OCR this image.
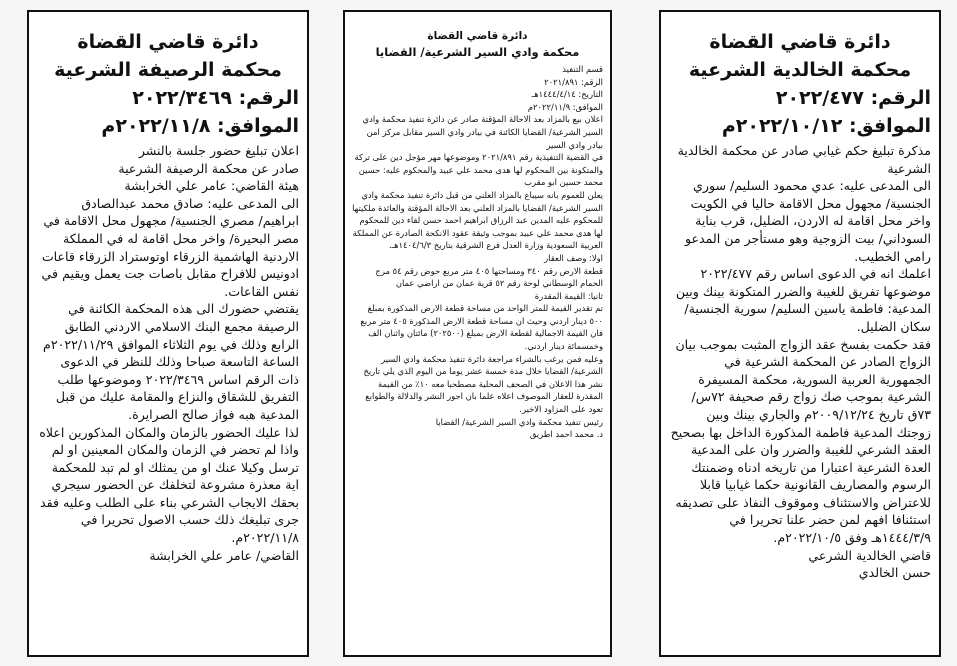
دائرة قاضي القضاة
محكمة الرصيفة الشرعية
الرقم: ٢٠٢٢/٣٤٦٩
الموافق: ٢٠٢٢/١١/٨م

اعلان تبليغ حضور جلسة بالنشر

صادر عن محكمة الرصيفة الشرعية

هيئة القاضي: عامر علي الخرابشة

الى المدعى عليه: صادق محمد عبدالصادق ابراهيم/ مصري الجنسية/ مجهول محل الاقامة في مصر البحيرة/ واخر محل اقامة له في المملكة الاردنية الهاشمية الزرقاء اوتوستراد الزرقاء قاعات ادونيس للافراح مقابل باصات جت يعمل ويقيم في نفس القاعات.

يقتضي حضورك الى هذه المحكمة الكائنة في الرصيفة مجمع البنك الاسلامي الاردني الطابق الرابع وذلك في يوم الثلاثاء الموافق ٢٠٢٢/١١/٢٩م الساعة التاسعة صباحا وذلك للنظر في الدعوى ذات الرقم اساس ٢٠٢٢/٣٤٦٩ وموضوعها طلب التفريق للشقاق والنزاع والمقامة عليك من قبل المدعية هبه فواز صالح الصرايرة.

لذا عليك الحضور بالزمان والمكان المذكورين اعلاه واذا لم تحضر في الزمان والمكان المعينين او لم ترسل وكيلا عنك او من يمثلك او لم تبد للمحكمة اية معذرة مشروعة لتخلفك عن الحضور سيجري بحقك الايجاب الشرعي بناء على الطلب وعليه فقد جرى تبليغك ذلك حسب الاصول تحريرا في ٢٠٢٢/١١/٨م.

القاضي/ عامر علي الخرابشة
دائرة قاضي القضاة
محكمة وادي السير الشرعية/ القضايا
قسم التنفيذ
الرقم: ٢٠٢١/٨٩١
التاريخ: ١٤٤٤/٤/١٤هـ
الموافق: ٢٠٢٢/١١/٩م

اعلان بيع بالمزاد بعد الاحالة المؤقتة صادر عن دائرة تنفيذ محكمة وادي السير الشرعية/ القضايا الكائنة في بيادر وادي السير مقابل مركز امن بيادر وادي السير

في القضية التنفيذية رقم ٢٠٢١/٨٩١ وموضوعها مهر مؤجل دين على تركة والمتكونة بين المحكوم لها هدى محمد علي عبيد والمحكوم عليه: حسين محمد حسين ابو مقرب

يعلن للعموم بانه سيباع بالمزاد العلني من قبل دائرة تنفيذ محكمة وادي السير الشرعية/ القضايا بالمزاد العلني بعد الاحالة المؤقتة والعائدة ملكيتها للمحكوم عليه المدين عبد الرزاق ابراهيم احمد حسن لقاء دين للمحكوم لها هدى محمد علي عبيد بموجب وثيقة عقود الانكحة الصادرة عن المملكة العربية السعودية وزارة العدل فرع الشرقية بتاريخ ١٤٠٤/٦/٣هـ.

اولا: وصف العقار

قطعة الارض رقم ٣٤٠ ومساحتها ٤٠٥ متر مربع حوض رقم ٥٤ مرج الحمام الوسطاني لوحة رقم ٥٢ قرية عمان من اراضي عمان

ثانيا: القيمة المقدرة

تم تقدير القيمة للمتر الواحد من مساحة قطعة الارض المذكورة بمبلغ ٥٠٠ دينار اردني وحيث ان مساحة قطعة الارض المذكورة ٤٠٥ متر مربع فان القيمة الاجمالية لقطعة الارض بمبلغ (٢٠٢٥٠٠) مائتان واثنان الف وخمسمائة دينار اردني.

وعليه فمن يرغب بالشراء مراجعة دائرة تنفيذ محكمة وادي السير الشرعية/ القضايا خلال مدة خمسة عشر يوما من اليوم الذي يلي تاريخ نشر هذا الاعلان في الصحف المحلية مصطحبا معه ١٠٪ من القيمة المقدرة للعقار الموصوف اعلاه علما بان اجور النشر والدلالة والطوابع تعود على المزاود الاخير.

رئيس تنفيذ محكمة وادي السير الشرعية/ القضايا
د. محمد احمد اطريق
دائرة قاضي القضاة
محكمة الخالدية الشرعية
الرقم: ٢٠٢٢/٤٧٧
الموافق: ٢٠٢٢/١٠/١٢م

مذكرة تبليغ حكم غيابي صادر عن محكمة الخالدية الشرعية

الى المدعى عليه: عدي محمود السليم/ سوري الجنسية/ مجهول محل الاقامة حاليا في الكويت واخر محل اقامة له الاردن، الضليل، قرب بناية السوداني/ بيت الزوجية وهو مستأجر من المدعو رامي الخطيب.

اعلمك انه في الدعوى اساس رقم ٢٠٢٢/٤٧٧ موضوعها تفريق للغيبة والضرر المتكونة بينك وبين المدعية: فاطمة ياسين السليم/ سورية الجنسية/ سكان الضليل.

فقد حكمت بفسخ عقد الزواج المثبت بموجب بيان الزواج الصادر عن المحكمة الشرعية في الجمهورية العربية السورية، محكمة المسيفرة الشرعية بموجب صك زواج رقم صحيفة ٧٢س/٧٣ق تاريخ ٢٠٠٩/١٢/٢٤م والجاري بينك وبين زوجتك المدعية فاطمة المذكورة الداخل بها بصحيح العقد الشرعي للغيبة والضرر وان على المدعية العدة الشرعية اعتبارا من تاريخه ادناه وضمنتك الرسوم والمصاريف القانونية حكما غيابيا قابلا للاعتراض والاستئناف وموقوف النفاذ على تصديقه استئنافا افهم لمن حضر علنا تحريرا في ١٤٤٤/٣/٩هـ وفق ٢٠٢٢/١٠/٥م.

قاضي الخالدية الشرعي
حسن الخالدي
